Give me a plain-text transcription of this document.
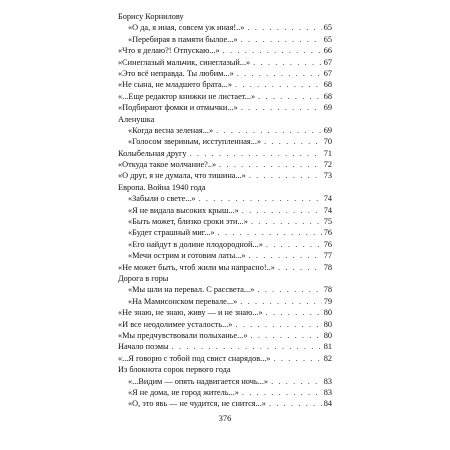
Борису Корнилову
«О да, я иная, совсем уж иная!..» . . .	65
«Перебирая в памяти былое...» . . .	65
«Что я делаю?! Отпускаю...» . . .	66
«Синеглазый мальчик, синеглазый...» . . .	67
«Это всё неправда. Ты любим...» . . .	67
«Не сына, не младшего брата...» . . .	68
«...Еще редактор книжки не листает...» . . .	68
«Подбирают фомки и отмычки...» . . .	69
Аленушка
«Когда весна зеленая...» . . .	69
«Голосом звериным, исступленная...» . . .	70
Колыбельная другу . . .	71
«Откуда такое молчание?..» . . .	72
«О друг, я не думала, что тишина...» . . .	73
Европа. Война 1940 года
«Забыли о свете...» . . .	74
«Я не видала высоких крыш...» . . .	74
«Быть может, близко сроки эти...» . . .	75
«Будет страшный миг...» . . .	76
«Его найдут в долине плодородной...» . . .	76
«Мечи острим и готовим латы...» . . .	77
«Не может быть, чтоб жили мы напрасно!..» . . .	78
Дорога в горы
«Мы шли на перевал. С рассвета...» . . .	78
«На Мамисонском перевале...» . . .	79
«Не знаю, не знаю, живу — и не знаю...» . . .	80
«И все неодолимее усталость...» . . .	80
«Мы предчувствовали полыханье...» . . .	80
Начало поэмы . . .	81
«...Я говорю с тобой под свист снарядов...» . . .	82
Из блокнота сорок первого года
«...Видим — опять надвигается ночь...» . . .	83
«Я не дома, не город житель...» . . .	83
«О, это явь — не чудится, не снится...» . . .	84
376
